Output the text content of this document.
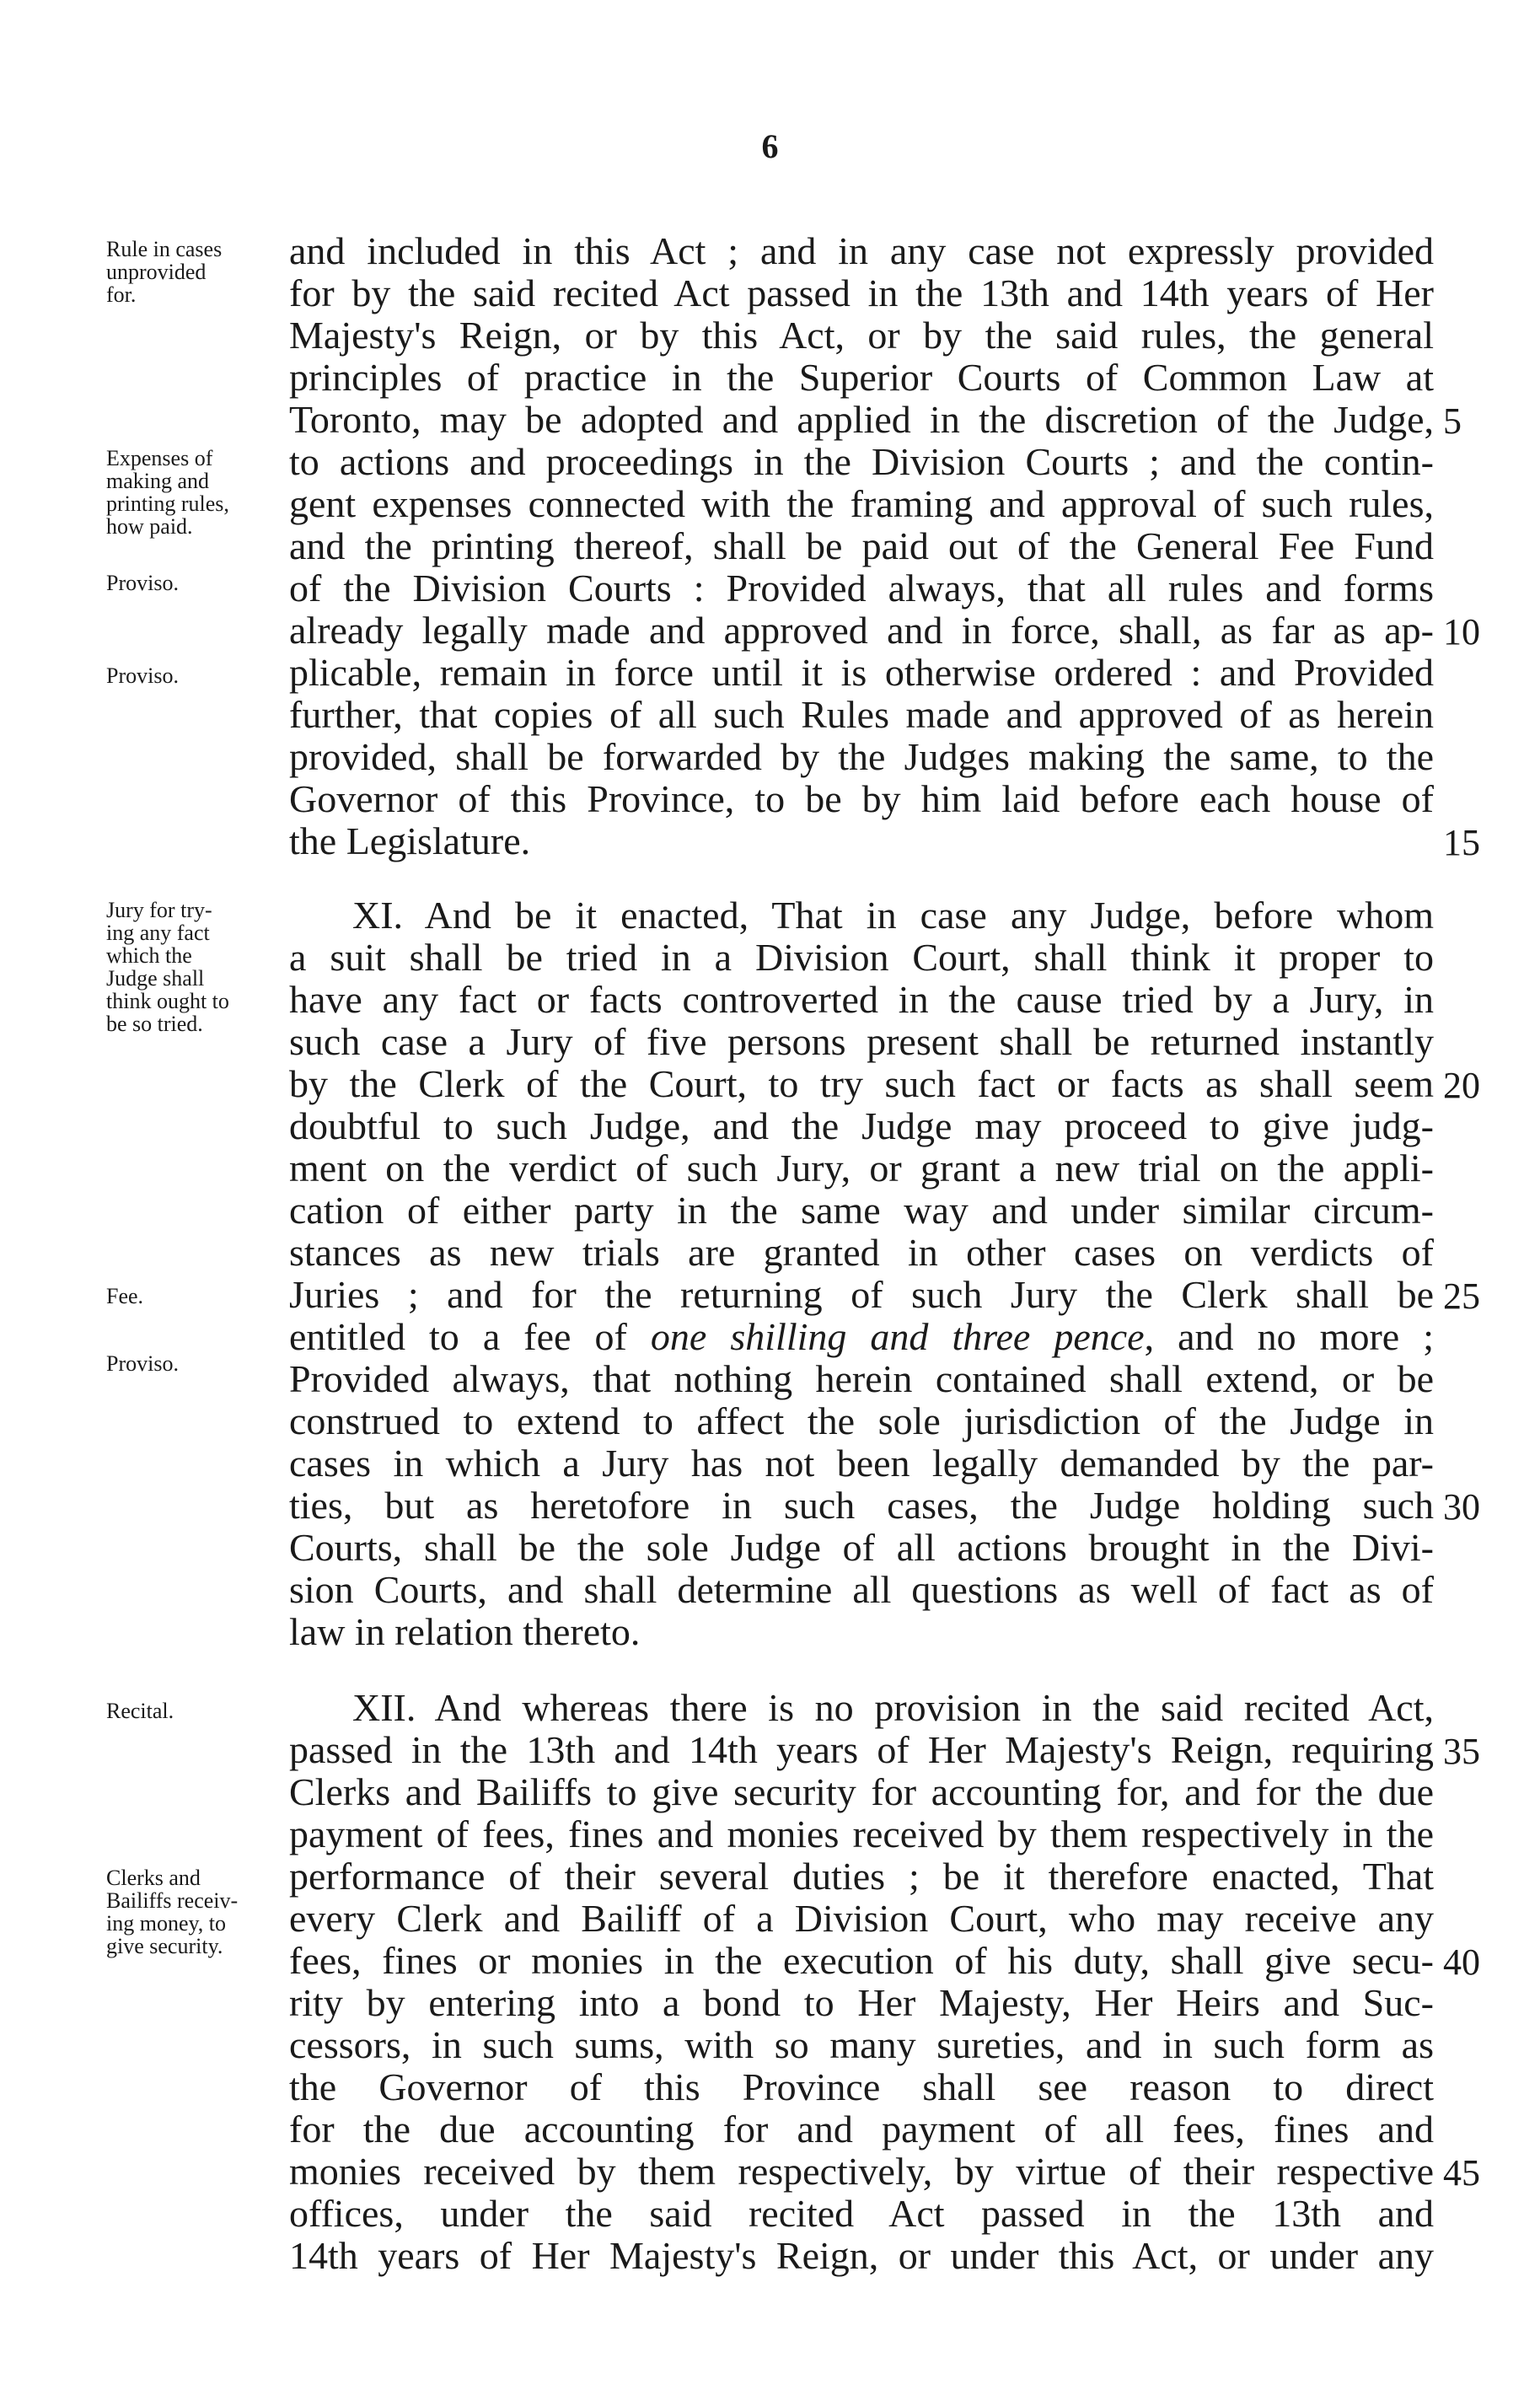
6
Rule in cases
unprovided
for.
Expenses of
making and
printing rules,
how paid.
Proviso.
Proviso.
Jury for try-
ing any fact
which the
Judge shall
think ought to
be so tried.
Fee.
Proviso.
Recital.
Clerks and
Bailiffs receiv-
ing money, to
give security.
and included in this Act ; and in any case not expressly provided
for by the said recited Act passed in the 13th and 14th years of Her
Majesty's Reign, or by this Act, or by the said rules, the general
principles of practice in the Superior Courts of Common Law at
Toronto, may be adopted and applied in the discretion of the Judge,
to actions and proceedings in the Division Courts ; and the contin-
gent expenses connected with the framing and approval of such rules,
and the printing thereof, shall be paid out of the General Fee Fund
of the Division Courts : Provided always, that all rules and forms
already legally made and approved and in force, shall, as far as ap-
plicable, remain in force until it is otherwise ordered : and Provided
further, that copies of all such Rules made and approved of as herein
provided, shall be forwarded by the Judges making the same, to the
Governor of this Province, to be by him laid before each house of
the Legislature.
XI. And be it enacted, That in case any Judge, before whom
a suit shall be tried in a Division Court, shall think it proper to
have any fact or facts controverted in the cause tried by a Jury, in
such case a Jury of five persons present shall be returned instantly
by the Clerk of the Court, to try such fact or facts as shall seem
doubtful to such Judge, and the Judge may proceed to give judg-
ment on the verdict of such Jury, or grant a new trial on the appli-
cation of either party in the same way and under similar circum-
stances as new trials are granted in other cases on verdicts of
Juries ; and for the returning of such Jury the Clerk shall be
entitled to a fee of one shilling and three pence, and no more ;
Provided always, that nothing herein contained shall extend, or be
construed to extend to affect the sole jurisdiction of the Judge in
cases in which a Jury has not been legally demanded by the par-
ties, but as heretofore in such cases, the Judge holding such
Courts, shall be the sole Judge of all actions brought in the Divi-
sion Courts, and shall determine all questions as well of fact as of
law in relation thereto.
XII. And whereas there is no provision in the said recited Act,
passed in the 13th and 14th years of Her Majesty's Reign, requiring
Clerks and Bailiffs to give security for accounting for, and for the due
payment of fees, fines and monies received by them respectively in the
performance of their several duties ; be it therefore enacted, That
every Clerk and Bailiff of a Division Court, who may receive any
fees, fines or monies in the execution of his duty, shall give secu-
rity by entering into a bond to Her Majesty, Her Heirs and Suc-
cessors, in such sums, with so many sureties, and in such form as
the Governor of this Province shall see reason to direct
for the due accounting for and payment of all fees, fines and
monies received by them respectively, by virtue of their respective
offices, under the said recited Act passed in the 13th and
14th years of Her Majesty's Reign, or under this Act, or under any
5
10
15
20
25
30
35
40
45
